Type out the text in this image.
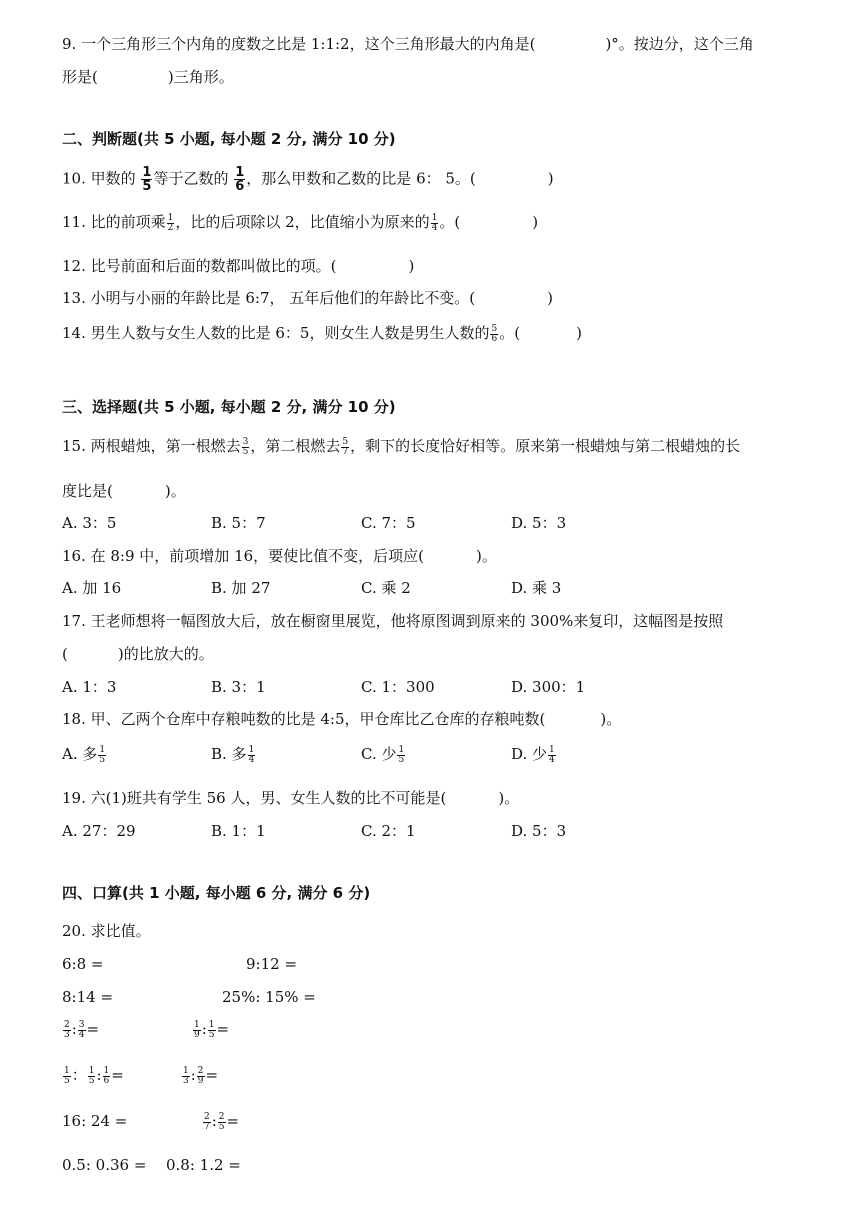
9. 一个三角形三个内角的度数之比是 1:1:2，这个三角形最大的内角是(	)°。按边分，这个三角
形是(	)三角形。
二、判断题(共 5 小题, 每小题 2 分, 满分 10 分)
10. 甲数的 $\frac{1}{5}$ 等于乙数的 $\frac{1}{6}$ ，那么甲数和乙数的比是 6： 5。(	)
11. 比的前项乘 $\frac{1}{2}$ ，比的后项除以 2，比值缩小为原来的 $\frac{1}{4}$ 。(	)
12. 比号前面和后面的数都叫做比的项。(	)
13. 小明与小丽的年龄比是 6:7， 五年后他们的年龄比不变。(	)
14. 男生人数与女生人数的比是 6：5，则女生人数是男生人数的 $\frac{5}{6}$ 。(	)
三、选择题(共 5 小题, 每小题 2 分, 满分 10 分)
15. 两根蜡烛，第一根燃去 $\frac{3}{5}$ ，第二根燃去 $\frac{5}{7}$ ，剩下的长度恰好相等。原来第一根蜡烛与第二根蜡烛的长
度比是(	)。
A. 3：5	B. 5：7	C. 7：5	D. 5：3
16. 在 8:9 中，前项增加 16，要使比值不变，后项应(	)。
A. 加 16	B. 加 27	C. 乘 2	D. 乘 3
17. 王老师想将一幅图放大后，放在橱窗里展览，他将原图调到原来的 300%来复印，这幅图是按照
(	)的比放大的。
A. 1：3	B. 3：1	C. 1：300	D. 300：1
18. 甲、乙两个仓库中存粮吨数的比是 4:5，甲仓库比乙仓库的存粮吨数(	)。
A. 多 $\frac{1}{5}$	B. 多 $\frac{1}{4}$	C. 少 $\frac{1}{5}$	D. 少 $\frac{1}{4}$
19. 六(1)班共有学生 56 人，男、女生人数的比不可能是(	)。
A. 27：29	B. 1：1	C. 2：1	D. 5：3
四、口算(共 1 小题, 每小题 6 分, 满分 6 分)
20. 求比值。
6:8 =	9:12 =
8:14 =	25%: 15% =
$\frac{2}{3}$ : $\frac{3}{4}$ =	$\frac{1}{9}$ : $\frac{1}{5}$ =
$\frac{1}{5}$ ： $\frac{1}{5}$ : $\frac{1}{6}$ =	$\frac{1}{3}$ : $\frac{2}{9}$ =
16: 24 =	$\frac{2}{7}$ : $\frac{2}{5}$ =
0.5: 0.36 = 0.8: 1.2 =
